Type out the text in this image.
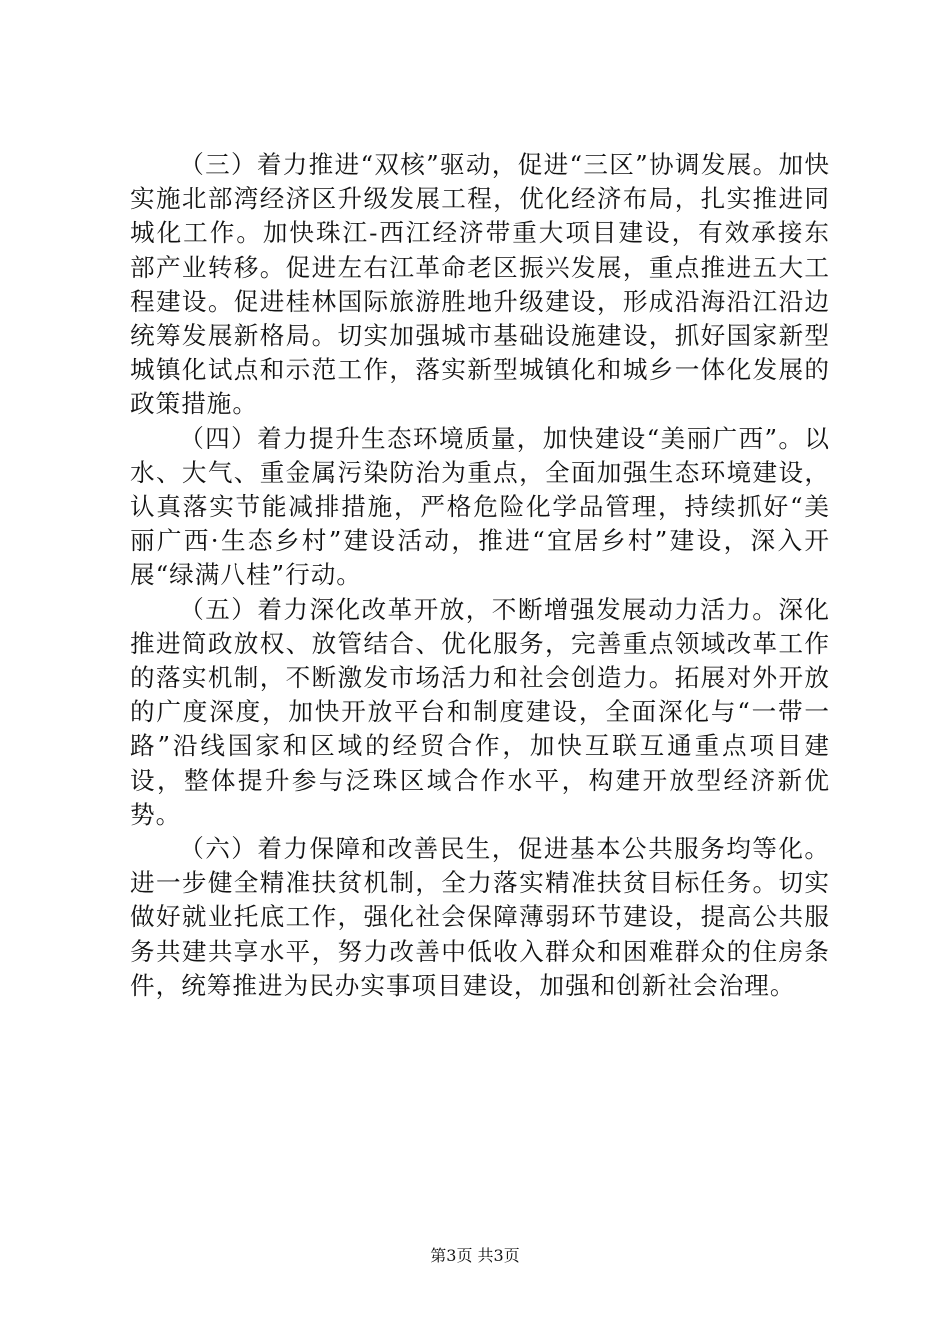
（三）着力推进“双核”驱动，促进“三区”协调发展。加快实施北部湾经济区升级发展工程，优化经济布局，扎实推进同城化工作。加快珠江-西江经济带重大项目建设，有效承接东部产业转移。促进左右江革命老区振兴发展，重点推进五大工程建设。促进桂林国际旅游胜地升级建设，形成沿海沿江沿边统筹发展新格局。切实加强城市基础设施建设，抓好国家新型城镇化试点和示范工作，落实新型城镇化和城乡一体化发展的政策措施。

（四）着力提升生态环境质量，加快建设“美丽广西”。以水、大气、重金属污染防治为重点，全面加强生态环境建设，认真落实节能减排措施，严格危险化学品管理，持续抓好“美丽广西·生态乡村”建设活动，推进“宜居乡村”建设，深入开展“绿满八桂”行动。

（五）着力深化改革开放，不断增强发展动力活力。深化推进简政放权、放管结合、优化服务，完善重点领域改革工作的落实机制，不断激发市场活力和社会创造力。拓展对外开放的广度深度，加快开放平台和制度建设，全面深化与“一带一路”沿线国家和区域的经贸合作，加快互联互通重点项目建设，整体提升参与泛珠区域合作水平，构建开放型经济新优势。

（六）着力保障和改善民生，促进基本公共服务均等化。进一步健全精准扶贫机制，全力落实精准扶贫目标任务。切实做好就业托底工作，强化社会保障薄弱环节建设，提高公共服务共建共享水平，努力改善中低收入群众和困难群众的住房条件，统筹推进为民办实事项目建设，加强和创新社会治理。

第3页 共3页
